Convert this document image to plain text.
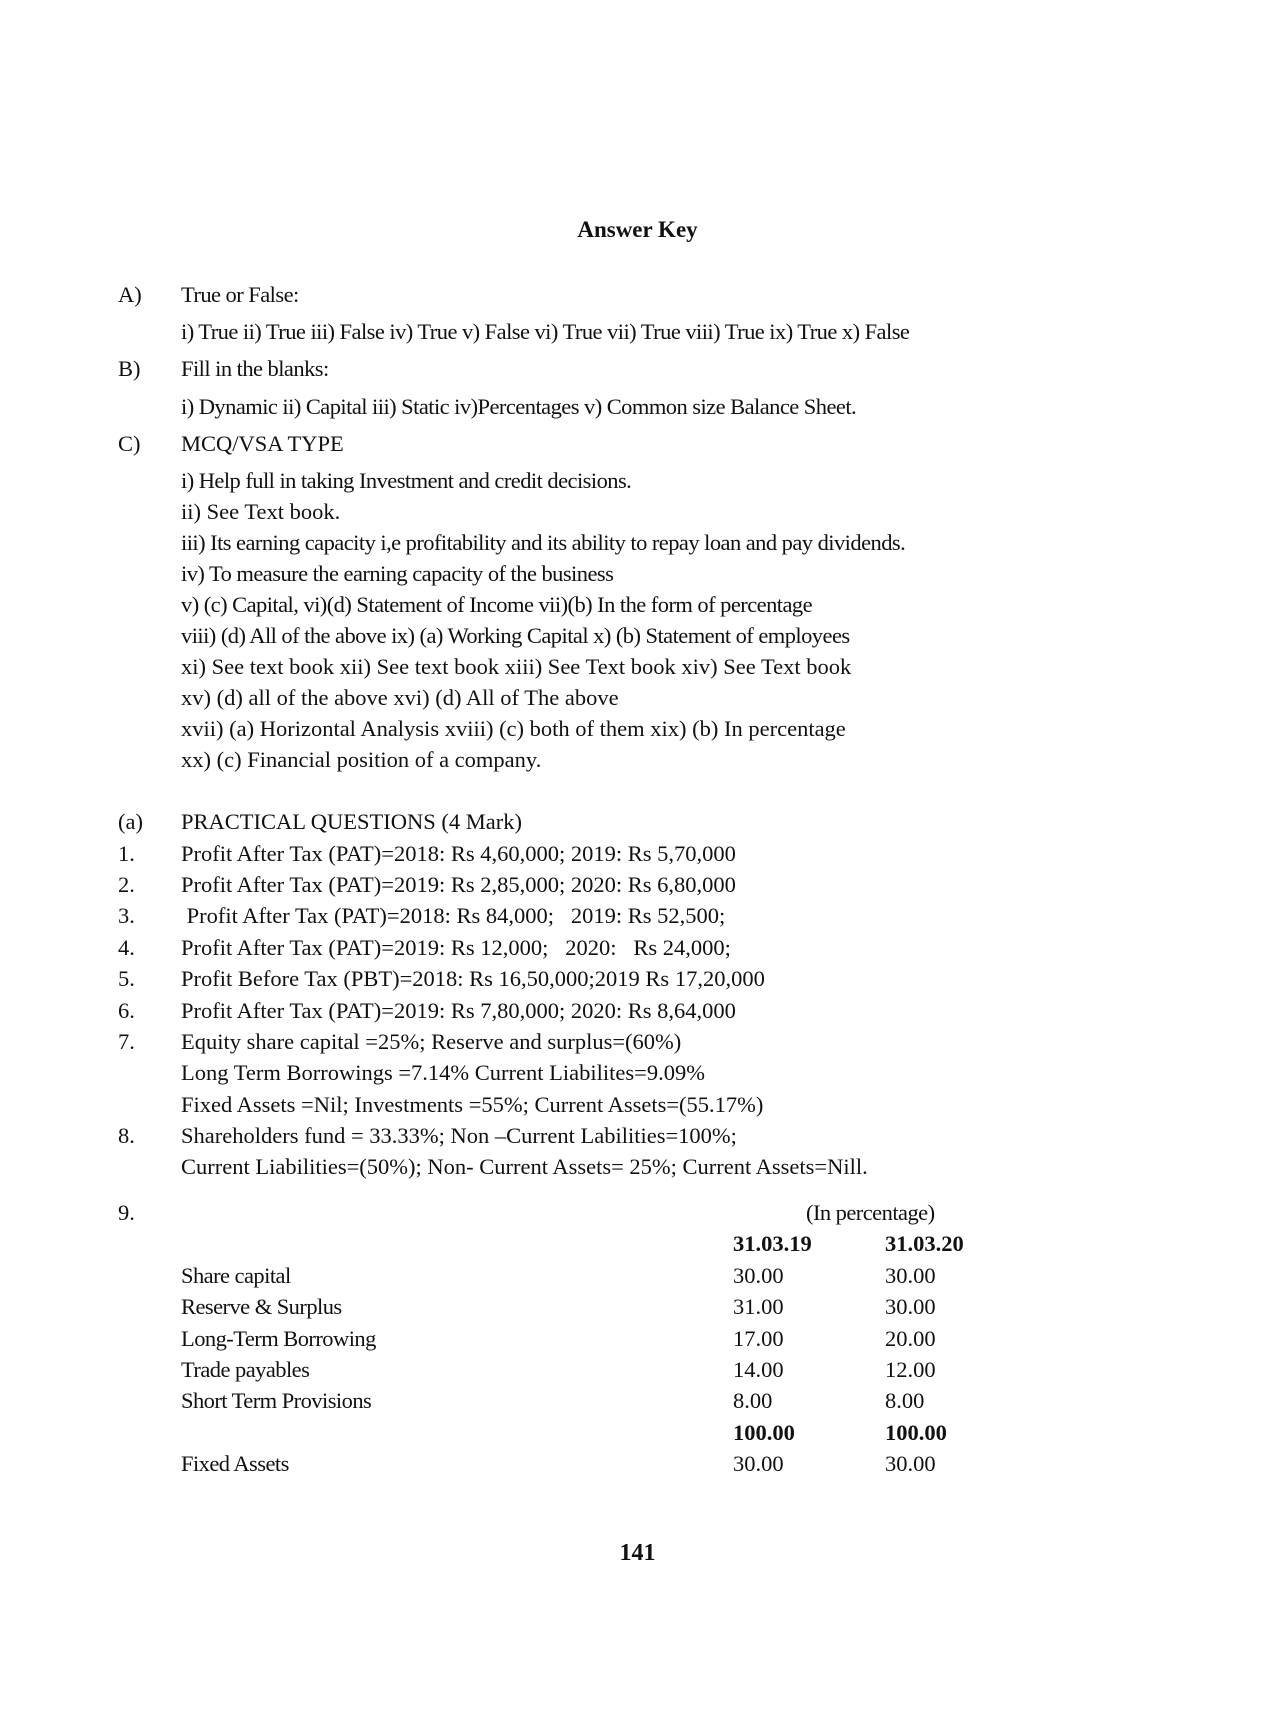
Answer Key
A) True or False:
i) True ii) True iii) False iv) True v) False vi) True vii) True viii) True ix) True x) False
B) Fill in the blanks:
i) Dynamic ii) Capital iii) Static iv)Percentages v) Common size Balance Sheet.
C) MCQ/VSA TYPE
i) Help full in taking Investment and credit decisions.
ii) See Text book.
iii) Its earning capacity i,e profitability and its ability to repay loan and pay dividends.
iv) To measure the earning capacity of the business
v) (c) Capital, vi)(d) Statement of Income vii)(b) In the form of percentage
viii) (d) All of the above ix) (a) Working Capital x) (b) Statement of employees
xi) See text book xii) See text book xiii) See Text book xiv) See Text book
xv) (d) all of the above xvi) (d) All of The above
xvii) (a) Horizontal Analysis xviii) (c) both of them xix) (b) In percentage
xx) (c) Financial position of a company.
(a) PRACTICAL QUESTIONS (4 Mark)
1. Profit After Tax (PAT)=2018: Rs 4,60,000; 2019: Rs 5,70,000
2. Profit After Tax (PAT)=2019: Rs 2,85,000; 2020: Rs 6,80,000
3. Profit After Tax (PAT)=2018: Rs 84,000;   2019: Rs 52,500;
4. Profit After Tax (PAT)=2019: Rs 12,000;   2020:   Rs 24,000;
5. Profit Before Tax (PBT)=2018: Rs 16,50,000;2019 Rs 17,20,000
6. Profit After Tax (PAT)=2019: Rs 7,80,000; 2020: Rs 8,64,000
7. Equity share capital =25%; Reserve and surplus=(60%)
Long Term Borrowings =7.14% Current Liabilites=9.09%
Fixed Assets =Nil; Investments =55%; Current Assets=(55.17%)
8. Shareholders fund = 33.33%; Non –Current Labilities=100%;
Current Liabilities=(50%); Non- Current Assets= 25%; Current Assets=Nill.
9.	(In percentage)
31.03.19	31.03.20
Share capital	30.00	30.00
Reserve & Surplus	31.00	30.00
Long-Term Borrowing	17.00	20.00
Trade payables	14.00	12.00
Short Term Provisions	8.00	8.00
100.00	100.00
Fixed Assets	30.00	30.00
141
